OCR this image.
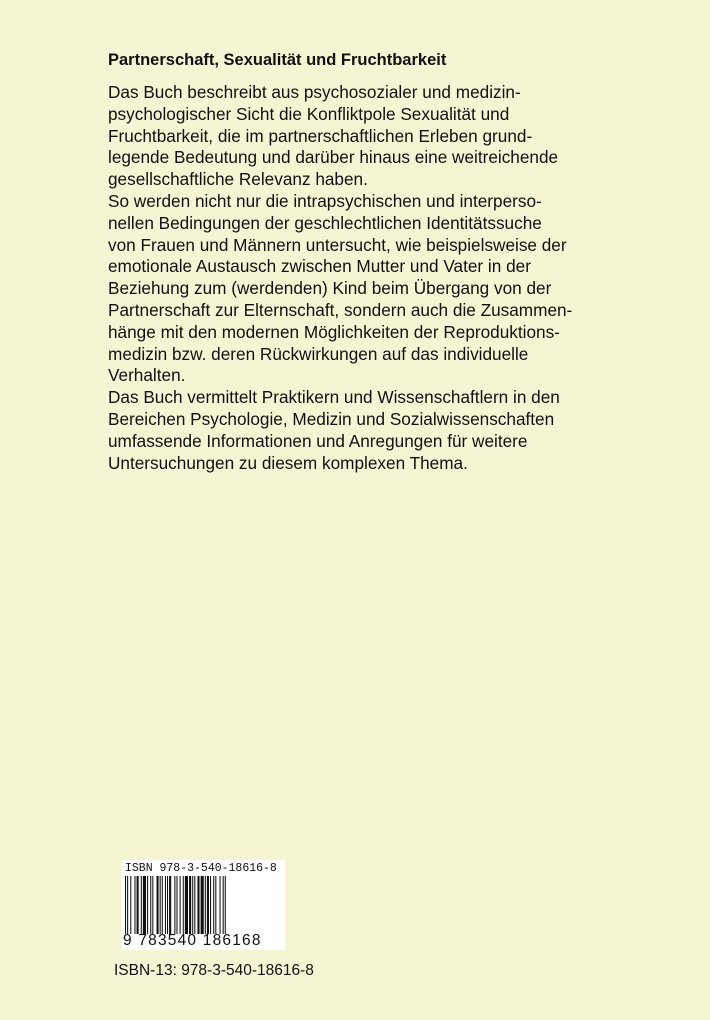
Partnerschaft, Sexualität und Fruchtbarkeit
Das Buch beschreibt aus psychosozialer und medizin-
psychologischer Sicht die Konfliktpole Sexualität und
Fruchtbarkeit, die im partnerschaftlichen Erleben grund-
legende Bedeutung und darüber hinaus eine weitreichende
gesellschaftliche Relevanz haben.
So werden nicht nur die intrapsychischen und interperso-
nellen Bedingungen der geschlechtlichen Identitätssuche
von Frauen und Männern untersucht, wie beispielsweise der
emotionale Austausch zwischen Mutter und Vater in der
Beziehung zum (werdenden) Kind beim Übergang von der
Partnerschaft zur Elternschaft, sondern auch die Zusammen-
hänge mit den modernen Möglichkeiten der Reproduktions-
medizin bzw. deren Rückwirkungen auf das individuelle
Verhalten.
Das Buch vermittelt Praktikern und Wissenschaftlern in den
Bereichen Psychologie, Medizin und Sozialwissenschaften
umfassende Informationen und Anregungen für weitere
Untersuchungen zu diesem komplexen Thema.
ISBN 978-3-540-18616-8
9 783540 186168
ISBN-13: 978-3-540-18616-8
